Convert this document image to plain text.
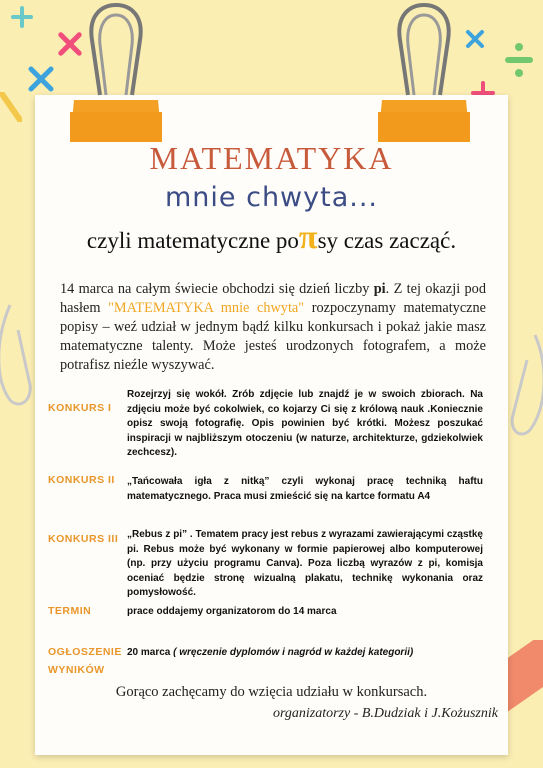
MATEMATYKA
mnie chwyta...
czyli matematyczne poπsy czas zacząć.
14 marca na całym świecie obchodzi się dzień liczby pi. Z tej okazji pod hasłem "MATEMATYKA mnie chwyta" rozpoczynamy matematyczne popisy – weź udział w jednym bądź kilku konkursach i pokaż jakie masz matematyczne talenty. Może jesteś urodzonych fotografem, a może potrafisz nieźle wyszywać.
KONKURS I
Rozejrzyj się wokół. Zrób zdjęcie lub znajdź je w swoich zbiorach. Na zdjęciu może być cokolwiek, co kojarzy Ci się z królową nauk .Koniecznie opisz swoją fotografię. Opis powinien być krótki. Możesz poszukać inspiracji w najbliższym otoczeniu (w naturze, architekturze, gdziekolwiek zechcesz).
KONKURS II „Tańcowała igła z nitką” czyli wykonaj pracę techniką haftu matematycznego. Praca musi zmieścić się na kartce formatu A4
KONKURS III „Rebus z pi” . Tematem pracy jest rebus z wyrazami zawierającymi cząstkę pi. Rebus może być wykonany w formie papierowej albo komputerowej (np. przy użyciu programu Canva). Poza liczbą wyrazów z pi, komisja oceniać będzie stronę wizualną plakatu, technikę wykonania oraz pomysłowość.
TERMIN	prace oddajemy organizatorom do 14 marca
OGŁOSZENIE
WYNIKÓW
20 marca ( wręczenie dyplomów i nagród w każdej kategorii)
Gorąco zachęcamy do wzięcia udziału w konkursach.
organizatorzy - B.Dudziak i J.Kożusznik
